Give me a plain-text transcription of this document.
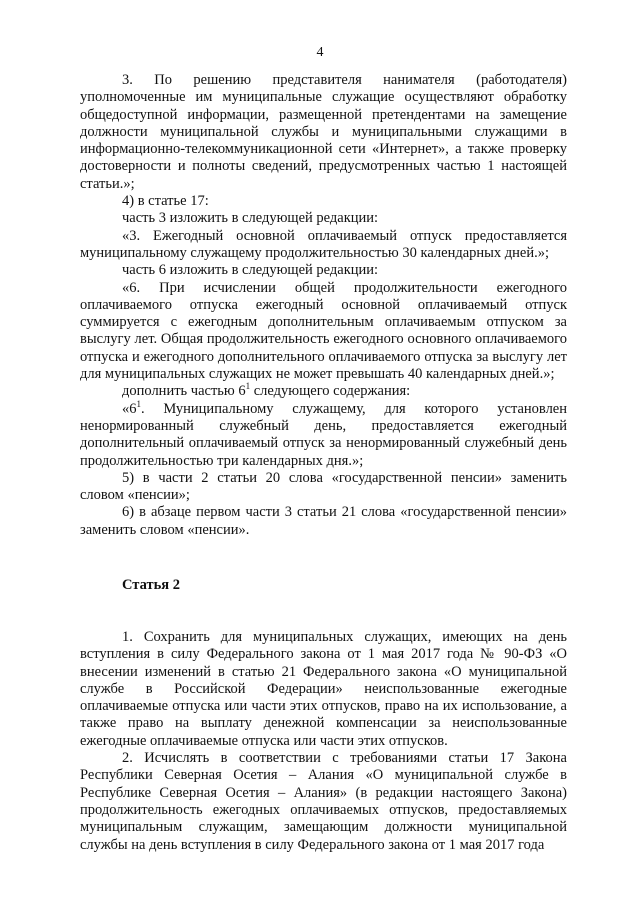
4

3. По решению представителя нанимателя (работодателя) уполномоченные им муниципальные служащие осуществляют обработку общедоступной информации, размещенной претендентами на замещение должности муниципальной службы и муниципальными служащими в информационно-телекоммуникационной сети «Интернет», а также проверку достоверности и полноты сведений, предусмотренных частью 1 настоящей статьи.»;

4) в статье 17:

часть 3 изложить в следующей редакции:

«3. Ежегодный основной оплачиваемый отпуск предоставляется муниципальному служащему продолжительностью 30 календарных дней.»;

часть 6 изложить в следующей редакции:

«6. При исчислении общей продолжительности ежегодного оплачиваемого отпуска ежегодный основной оплачиваемый отпуск суммируется с ежегодным дополнительным оплачиваемым отпуском за выслугу лет. Общая продолжительность ежегодного основного оплачиваемого отпуска и ежегодного дополнительного оплачиваемого отпуска за выслугу лет для муниципальных служащих не может превышать 40 календарных дней.»;

дополнить частью $6^1$ следующего содержания:

«$6^1$. Муниципальному служащему, для которого установлен ненормированный служебный день, предоставляется ежегодный дополнительный оплачиваемый отпуск за ненормированный служебный день продолжительностью три календарных дня.»;

5) в части 2 статьи 20 слова «государственной пенсии» заменить словом «пенсии»;

6) в абзаце первом части 3 статьи 21 слова «государственной пенсии» заменить словом «пенсии».

Статья 2

1. Сохранить для муниципальных служащих, имеющих на день вступления в силу Федерального закона от 1 мая 2017 года № 90-ФЗ «О внесении изменений в статью 21 Федерального закона «О муниципальной службе в Российской Федерации» неиспользованные ежегодные оплачиваемые отпуска или части этих отпусков, право на их использование, а также право на выплату денежной компенсации за неиспользованные ежегодные оплачиваемые отпуска или части этих отпусков.

2. Исчислять в соответствии с требованиями статьи 17 Закона Республики Северная Осетия – Алания «О муниципальной службе в Республике Северная Осетия – Алания» (в редакции настоящего Закона) продолжительность ежегодных оплачиваемых отпусков, предоставляемых муниципальным служащим, замещающим должности муниципальной службы на день вступления в силу Федерального закона от 1 мая 2017 года
